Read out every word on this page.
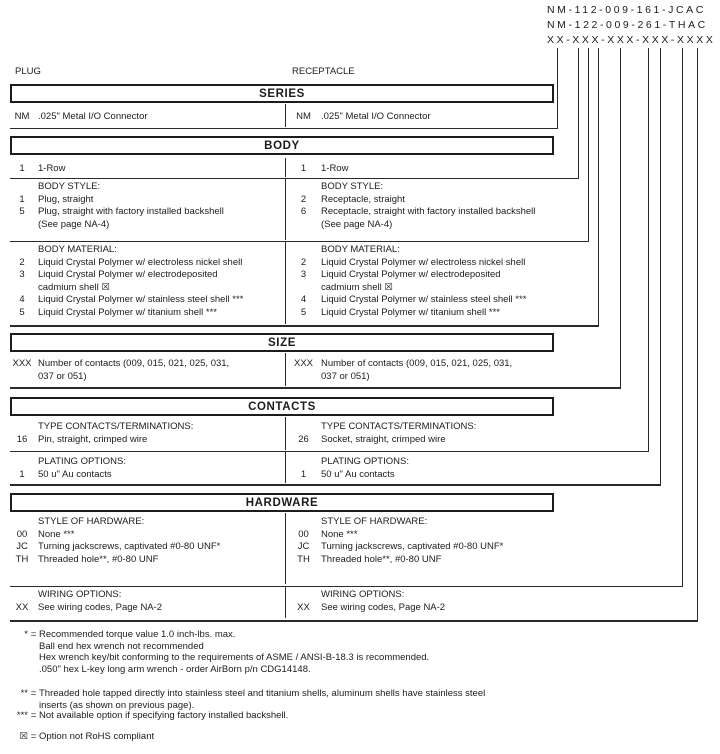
NM-112-009-161-JCAC
NM-122-009-261-THAC
XX-XXX-XXX-XXX-XXXX
PLUG	RECEPTACLE
SERIES
BODY
SIZE
CONTACTS
HARDWARE
NM .025" Metal I/O Connector	NM	.025" Metal I/O Connector
1	1-Row	1	1-Row
BODY STYLE:
1	Plug, straight
5	Plug, straight with factory installed backshell
(See page NA-4)
BODY STYLE:
2	Receptacle, straight
6	Receptacle, straight with factory installed backshell
(See page NA-4)
BODY MATERIAL:
2	Liquid Crystal Polymer w/ electroless nickel shell
3	Liquid Crystal Polymer w/ electrodeposited
cadmium shell ☒
4	Liquid Crystal Polymer w/ stainless steel shell ***
5	Liquid Crystal Polymer w/ titanium shell ***
BODY MATERIAL:
2	Liquid Crystal Polymer w/ electroless nickel shell
3	Liquid Crystal Polymer w/ electrodeposited
cadmium shell ☒
4	Liquid Crystal Polymer w/ stainless steel shell ***
5	Liquid Crystal Polymer w/ titanium shell ***
XXX Number of contacts (009, 015, 021, 025, 031,
037 or 051)
XXX Number of contacts (009, 015, 021, 025, 031,
037 or 051)
TYPE CONTACTS/TERMINATIONS:
16	Pin, straight, crimped wire
TYPE CONTACTS/TERMINATIONS:
26	Socket, straight, crimped wire
PLATING OPTIONS:
1	50 u" Au contacts
PLATING OPTIONS:
1	50 u" Au contacts
STYLE OF HARDWARE:
00	None ***
JC	Turning jackscrews, captivated #0-80 UNF*
TH	Threaded hole**, #0-80 UNF
STYLE OF HARDWARE:
00	None ***
JC	Turning jackscrews, captivated #0-80 UNF*
TH	Threaded hole**, #0-80 UNF
WIRING OPTIONS:
XX	See wiring codes, Page NA-2
WIRING OPTIONS:
XX	See wiring codes, Page NA-2
* = Recommended torque value 1.0 inch-lbs. max.
Ball end hex wrench not recommended
Hex wrench key/bit conforming to the requirements of ASME / ANSI-B-18.3 is recommended.
.050" hex L-key long arm wrench - order AirBorn p/n CDG14148.
** = Threaded hole tapped directly into stainless steel and titanium shells, aluminum shells have stainless steel
inserts (as shown on previous page).
*** = Not available option if specifying factory installed backshell.
☒ = Option not RoHS compliant
